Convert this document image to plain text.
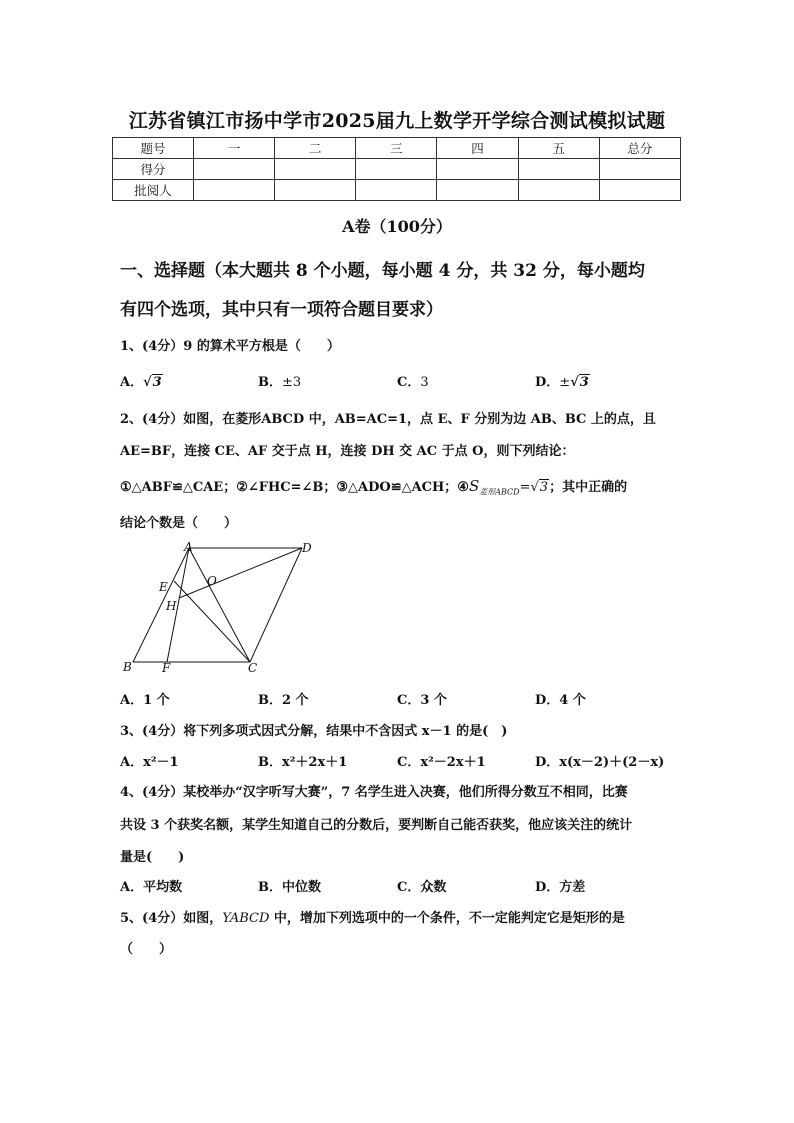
江苏省镇江市扬中学市2025届九上数学开学综合测试模拟试题
题号	一	二	三	四	五	总分
得分						
批阅人						
A卷（100分）
一、选择题（本大题共 8 个小题，每小题 4 分，共 32 分，每小题均
有四个选项，其中只有一项符合题目要求）
1、(4分）9 的算术平方根是（　　）
A．√3	B．±3	C．3	D．±√3
2、(4分）如图，在菱形ABCD 中，AB=AC=1，点 E、F 分别为边 AB、BC 上的点，且
AE=BF，连接 CE、AF 交于点 H，连接 DH 交 AC 于点 O，则下列结论：
①△ABF≌△CAE；②∠FHC=∠B；③△ADO≌△ACH；$④S_{菱形ABCD}=√3$；其中正确的
结论个数是（　　）
A	D
E	O
H
B	F	C
A．1 个	B．2 个	C．3 个	D．4 个
3、(4分）将下列多项式因式分解，结果中不含因式 x－1 的是(　)
A．x²－1	B．x²＋2x＋1	C．x²－2x＋1	D．x(x－2)＋(2－x)
4、(4分）某校举办“汉字听写大赛”，7 名学生进入决赛，他们所得分数互不相同，比赛
共设 3 个获奖名额，某学生知道自己的分数后，要判断自己能否获奖，他应该关注的统计
量是(　　)
A．平均数	B．中位数	C．众数	D．方差
5、(4分）如图，YABCD 中，增加下列选项中的一个条件，不一定能判定它是矩形的是
（　　）
